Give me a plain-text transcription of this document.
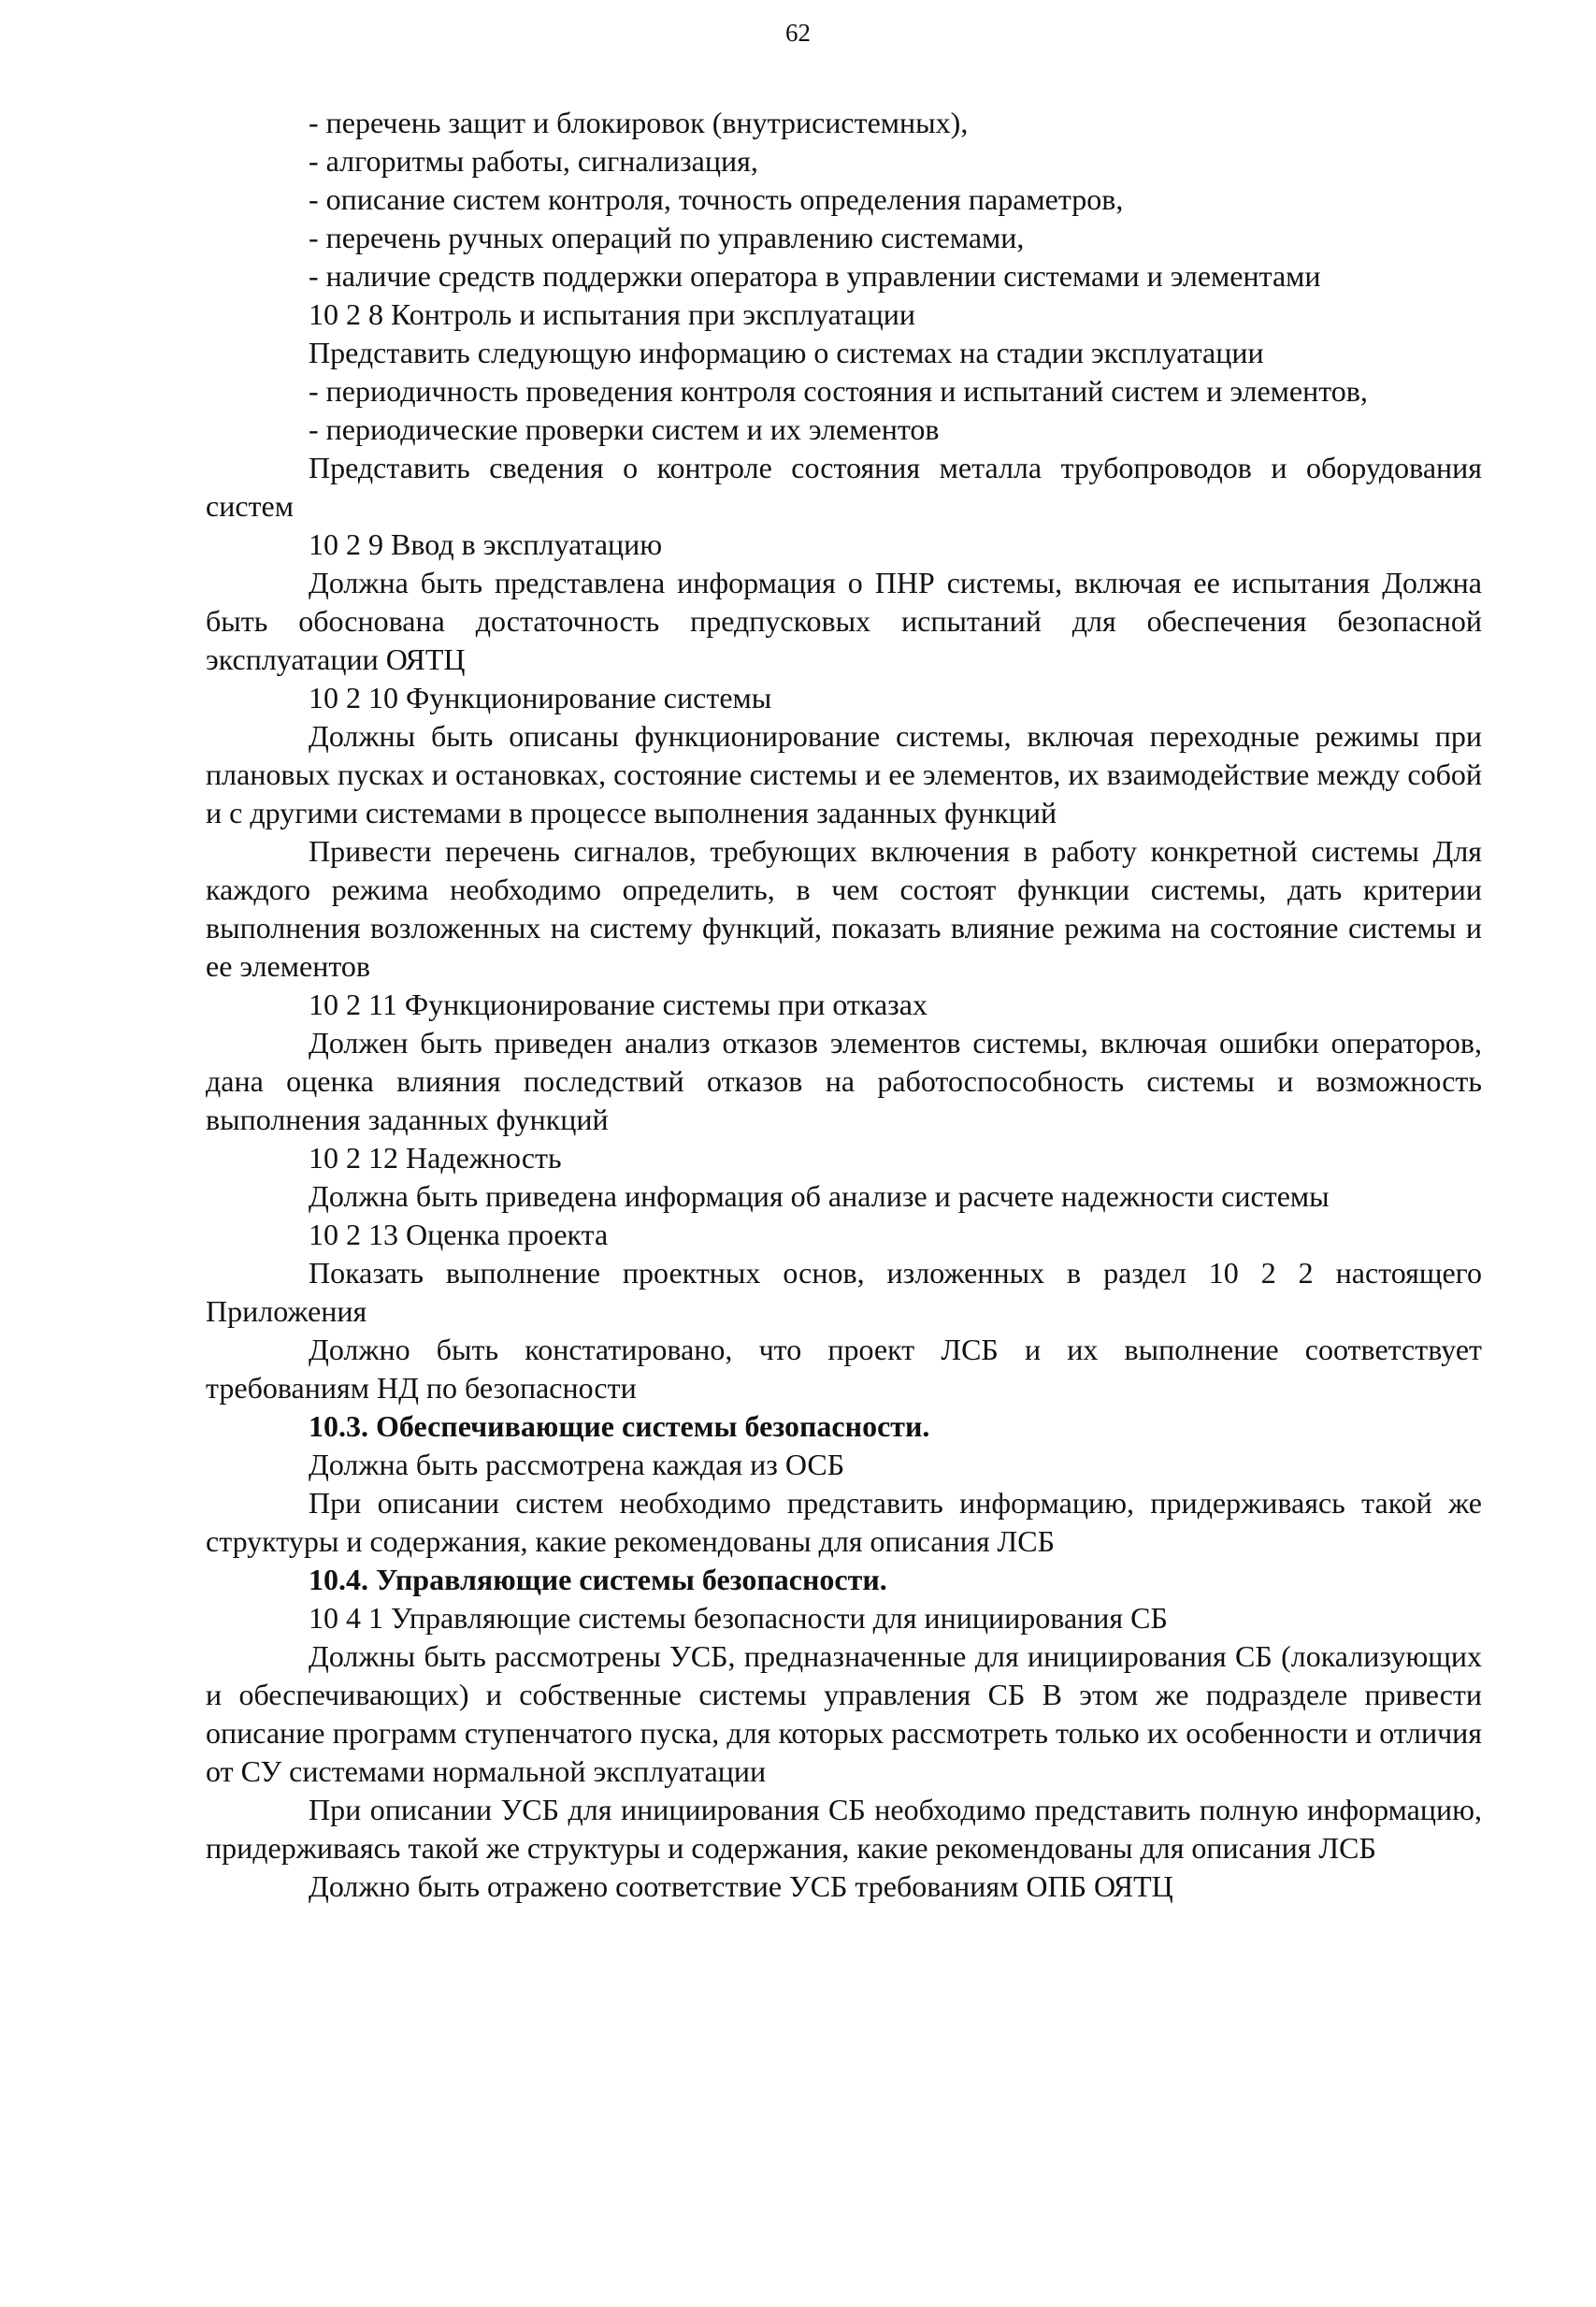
62

- перечень защит и блокировок (внутрисистемных),

- алгоритмы работы, сигнализация,

- описание систем контроля, точность определения параметров,

- перечень ручных операций по управлению системами,

- наличие средств поддержки оператора в управлении системами и элементами

10 2 8 Контроль и испытания при эксплуатации

Представить следующую информацию о системах на стадии эксплуатации

- периодичность проведения контроля состояния и испытаний систем и элементов,

- периодические проверки систем и их элементов

Представить сведения о контроле состояния металла трубопроводов и оборудования систем

10 2 9 Ввод в эксплуатацию

Должна быть представлена информация о ПНР системы, включая ее испытания Должна быть обоснована достаточность предпусковых испытаний для обеспечения безопасной эксплуатации ОЯТЦ

10 2 10 Функционирование системы

Должны быть описаны функционирование системы, включая переходные режимы при плановых пусках и остановках, состояние системы и ее элементов, их взаимодействие между собой и с другими системами в процессе выполнения заданных функций

Привести перечень сигналов, требующих включения в работу конкретной системы Для каждого режима необходимо определить, в чем состоят функции системы, дать критерии выполнения возложенных на систему функций, показать влияние режима на состояние системы и ее элементов

10 2 11 Функционирование системы при отказах

Должен быть приведен анализ отказов элементов системы, включая ошибки операторов, дана оценка влияния последствий отказов на работоспособность системы и возможность выполнения заданных функций

10 2 12 Надежность

Должна быть приведена информация об анализе и расчете надежности системы

10 2 13 Оценка проекта

Показать выполнение проектных основ, изложенных в раздел 10 2 2 настоящего Приложения

Должно быть констатировано, что проект ЛСБ и их выполнение соответствует требованиям НД по безопасности

10.3. Обеспечивающие системы безопасности.

Должна быть рассмотрена каждая из ОСБ

При описании систем необходимо представить информацию, придерживаясь такой же структуры и содержания, какие рекомендованы для описания ЛСБ

10.4. Управляющие системы безопасности.

10 4 1 Управляющие системы безопасности для инициирования СБ

Должны быть рассмотрены УСБ, предназначенные для инициирования СБ (локализующих и обеспечивающих) и собственные системы управления СБ В этом же подразделе привести описание программ ступенчатого пуска, для которых рассмотреть только их особенности и отличия от СУ системами нормальной эксплуатации

При описании УСБ для инициирования СБ необходимо представить полную информацию, придерживаясь такой же структуры и содержания, какие рекомендованы для описания ЛСБ

Должно быть отражено соответствие УСБ требованиям ОПБ ОЯТЦ
